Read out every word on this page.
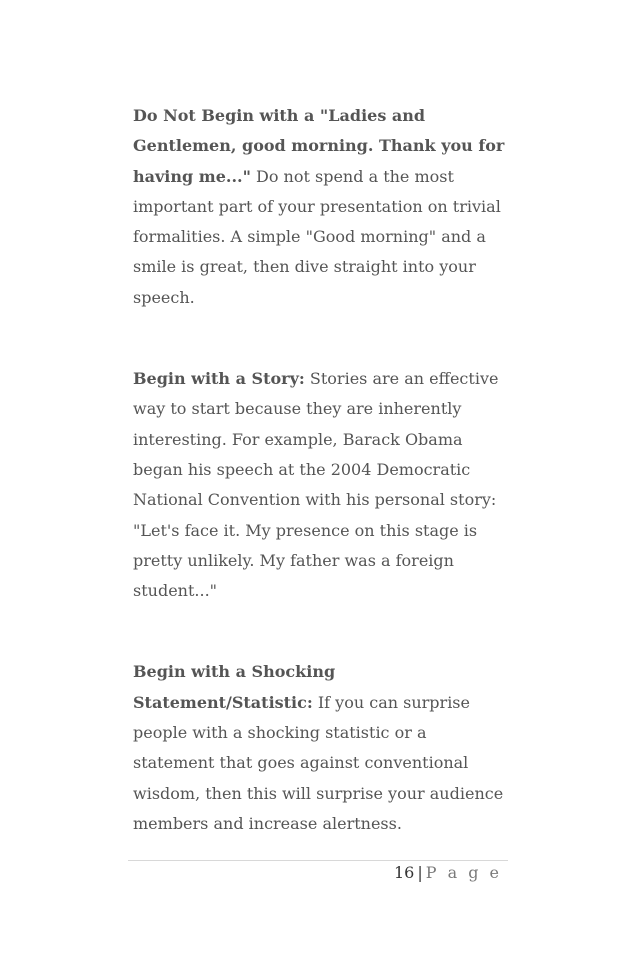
Do Not Begin with a "Ladies and Gentlemen, good morning. Thank you for having me..." Do not spend a the most important part of your presentation on trivial formalities. A simple "Good morning" and a smile is great, then dive straight into your speech.

Begin with a Story: Stories are an effective way to start because they are inherently interesting. For example, Barack Obama began his speech at the 2004 Democratic National Convention with his personal story: "Let's face it. My presence on this stage is pretty unlikely. My father was a foreign student..."

Begin with a Shocking Statement/Statistic: If you can surprise people with a shocking statistic or a statement that goes against conventional wisdom, then this will surprise your audience members and increase alertness.

16 | P a g e
